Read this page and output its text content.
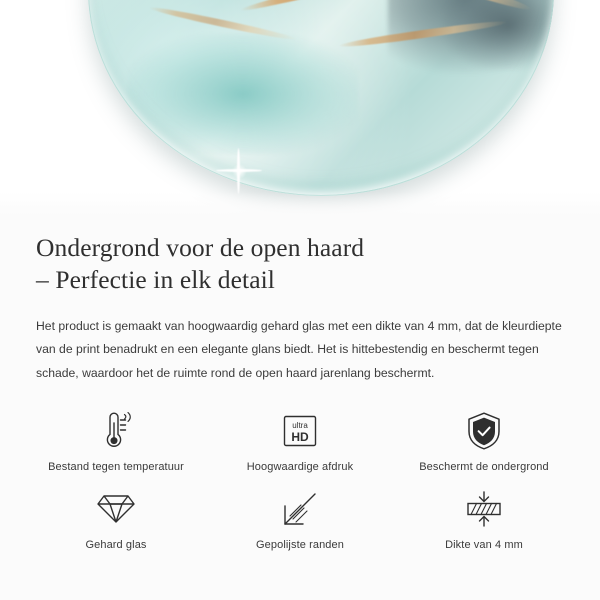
Ondergrond voor de open haard
– Perfectie in elk detail

Het product is gemaakt van hoogwaardig gehard glas met een dikte van 4 mm, dat de kleurdiepte van de print benadrukt en een elegante glans biedt. Het is hittebestendig en beschermt tegen schade, waardoor het de ruimte rond de open haard jarenlang beschermt.

Bestand tegen temperatuur
ultra
HD
Hoogwaardige afdruk	Beschermt de ondergrond
Gehard glas	Gepolijste randen	Dikte van 4 mm
